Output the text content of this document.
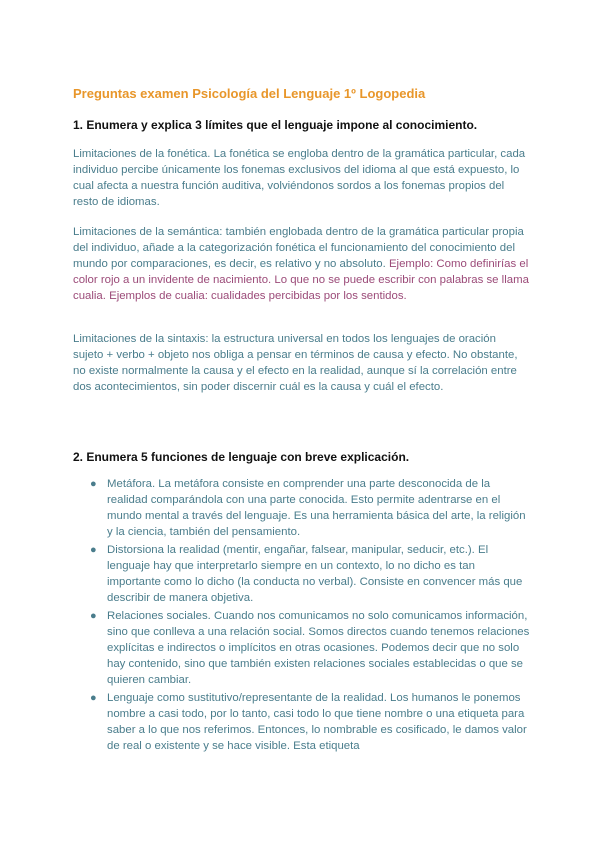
Preguntas examen Psicología del Lenguaje 1º Logopedia

1. Enumera y explica 3 límites que el lenguaje impone al conocimiento.

Limitaciones de la fonética. La fonética se engloba dentro de la gramática particular, cada individuo percibe únicamente los fonemas exclusivos del idioma al que está expuesto, lo cual afecta a nuestra función auditiva, volviéndonos sordos a los fonemas propios del resto de idiomas.

Limitaciones de la semántica: también englobada dentro de la gramática particular propia del individuo, añade a la categorización fonética el funcionamiento del conocimiento del mundo por comparaciones, es decir, es relativo y no absoluto. Ejemplo: Como definirías el color rojo a un invidente de nacimiento. Lo que no se puede escribir con palabras se llama cualia. Ejemplos de cualia: cualidades percibidas por los sentidos.

Limitaciones de la sintaxis: la estructura universal en todos los lenguajes de oración sujeto + verbo + objeto nos obliga a pensar en términos de causa y efecto. No obstante, no existe normalmente la causa y el efecto en la realidad, aunque sí la correlación entre dos acontecimientos, sin poder discernir cuál es la causa y cuál el efecto.

2. Enumera 5 funciones de lenguaje con breve explicación.

● Metáfora. La metáfora consiste en comprender una parte desconocida de la realidad comparándola con una parte conocida. Esto permite adentrarse en el mundo mental a través del lenguaje. Es una herramienta básica del arte, la religión y la ciencia, también del pensamiento.
● Distorsiona la realidad (mentir, engañar, falsear, manipular, seducir, etc.). El lenguaje hay que interpretarlo siempre en un contexto, lo no dicho es tan importante como lo dicho (la conducta no verbal). Consiste en convencer más que describir de manera objetiva.
● Relaciones sociales. Cuando nos comunicamos no solo comunicamos información, sino que conlleva a una relación social. Somos directos cuando tenemos relaciones explícitas e indirectos o implícitos en otras ocasiones. Podemos decir que no solo hay contenido, sino que también existen relaciones sociales establecidas o que se quieren cambiar.
● Lenguaje como sustitutivo/representante de la realidad. Los humanos le ponemos nombre a casi todo, por lo tanto, casi todo lo que tiene nombre o una etiqueta para saber a lo que nos referimos. Entonces, lo nombrable es cosificado, le damos valor de real o existente y se hace visible. Esta etiqueta
